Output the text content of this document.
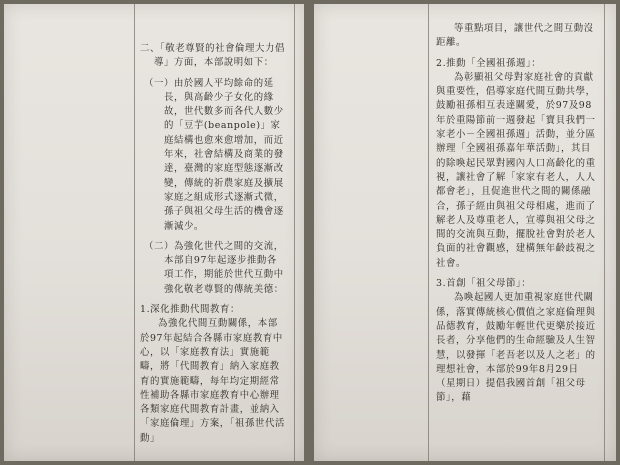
二、「敬老尊賢的社會倫理大力倡導」方面，本部說明如下：

（一）由於國人平均餘命的延長，與高齡少子女化的緣故，世代數多而各代人數少的「豆芋(beanpole)」家庭結構也愈來愈增加，而近年來，社會結構及商業的發達，臺灣的家庭型態逐漸改變，傳統的祈農家庭及擴展家庭之組成形式逐漸式微，孫子與祖父母生活的機會逐漸減少。
（二）為強化世代之間的交流，本部自97年起逐步推動各項工作，期能於世代互動中強化敬老尊賢的傳統美德：

1.深化推動代間教育：

為強化代間互動關係，本部於97年起結合各縣市家庭教育中心，以「家庭教育法」實施範疇，將「代間教育」納入家庭教育的實施範疇，每年均定期經常性補助各縣市家庭教育中心辦理各類家庭代間教育計畫，並納入「家庭倫理」方案，「祖孫世代活動」

等重點項目，讓世代之間互動沒距離。

2.推動「全國祖孫週」：

為彰顯祖父母對家庭社會的貢獻與重要性，倡導家庭代間互動共學，鼓勵祖孫相互表達關愛，於97及98年於重陽節前一週發起「寶貝我們一家老小－全國祖孫週」活動，並分區辦理「全國祖孫嘉年華活動」，其目的除喚起民眾對國內人口高齡化的重視，讓社會了解「家家有老人，人人都會老」，且促進世代之間的關係融合，孫子經由與祖父母相處，進而了解老人及尊重老人，宣導與祖父母之間的交流與互動，擺脫社會對於老人負面的社會觀感，建構無年齡歧視之社會。

3.首創「祖父母節」：

為喚起國人更加重視家庭世代關係，落實傳統核心價值之家庭倫理與品德教育，鼓勵年輕世代更樂於接近長者，分享他們的生命經驗及人生智慧，以發揮「老吾老以及人之老」的理想社會，本部於99年8月29日（星期日）提倡我國首創「祖父母節」，藉
